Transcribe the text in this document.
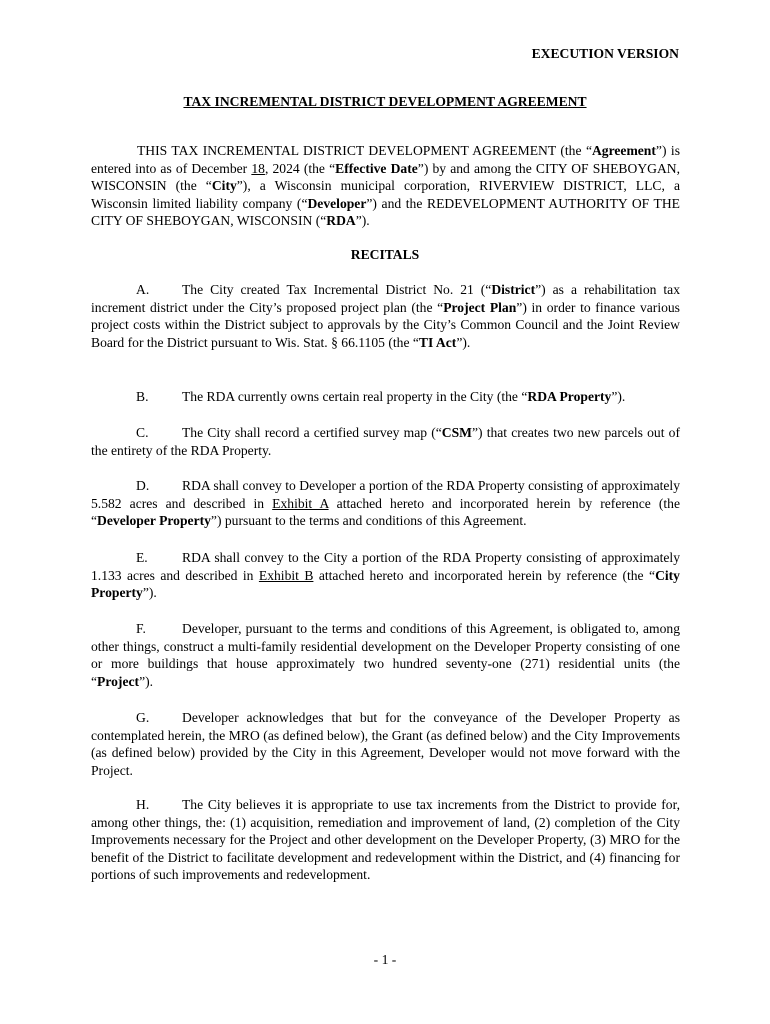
EXECUTION VERSION
TAX INCREMENTAL DISTRICT DEVELOPMENT AGREEMENT
THIS TAX INCREMENTAL DISTRICT DEVELOPMENT AGREEMENT (the “Agreement”) is entered into as of December 18, 2024 (the “Effective Date”) by and among the CITY OF SHEBOYGAN, WISCONSIN (the “City”), a Wisconsin municipal corporation, RIVERVIEW DISTRICT, LLC, a Wisconsin limited liability company (“Developer”) and the REDEVELOPMENT AUTHORITY OF THE CITY OF SHEBOYGAN, WISCONSIN (“RDA”).
RECITALS
A. The City created Tax Incremental District No. 21 (“District”) as a rehabilitation tax increment district under the City’s proposed project plan (the “Project Plan”) in order to finance various project costs within the District subject to approvals by the City’s Common Council and the Joint Review Board for the District pursuant to Wis. Stat. § 66.1105 (the “TI Act”).
B. The RDA currently owns certain real property in the City (the “RDA Property”).
C. The City shall record a certified survey map (“CSM”) that creates two new parcels out of the entirety of the RDA Property.
D. RDA shall convey to Developer a portion of the RDA Property consisting of approximately 5.582 acres and described in Exhibit A attached hereto and incorporated herein by reference (the “Developer Property”) pursuant to the terms and conditions of this Agreement.
E.	RDA shall convey to the City a portion of the RDA Property consisting of approximately 1.133 acres and described in Exhibit B attached hereto and incorporated herein by reference (the “City Property”).
F.	Developer, pursuant to the terms and conditions of this Agreement, is obligated to, among other things, construct a multi-family residential development on the Developer Property consisting of one or more buildings that house approximately two hundred seventy-one (271) residential units (the “Project”).
G. Developer acknowledges that but for the conveyance of the Developer Property as contemplated herein, the MRO (as defined below), the Grant (as defined below) and the City Improvements (as defined below) provided by the City in this Agreement, Developer would not move forward with the Project.
H. The City believes it is appropriate to use tax increments from the District to provide for, among other things, the: (1) acquisition, remediation and improvement of land, (2) completion of the City Improvements necessary for the Project and other development on the Developer Property, (3) MRO for the benefit of the District to facilitate development and redevelopment within the District, and (4) financing for portions of such improvements and redevelopment.
- 1 -
